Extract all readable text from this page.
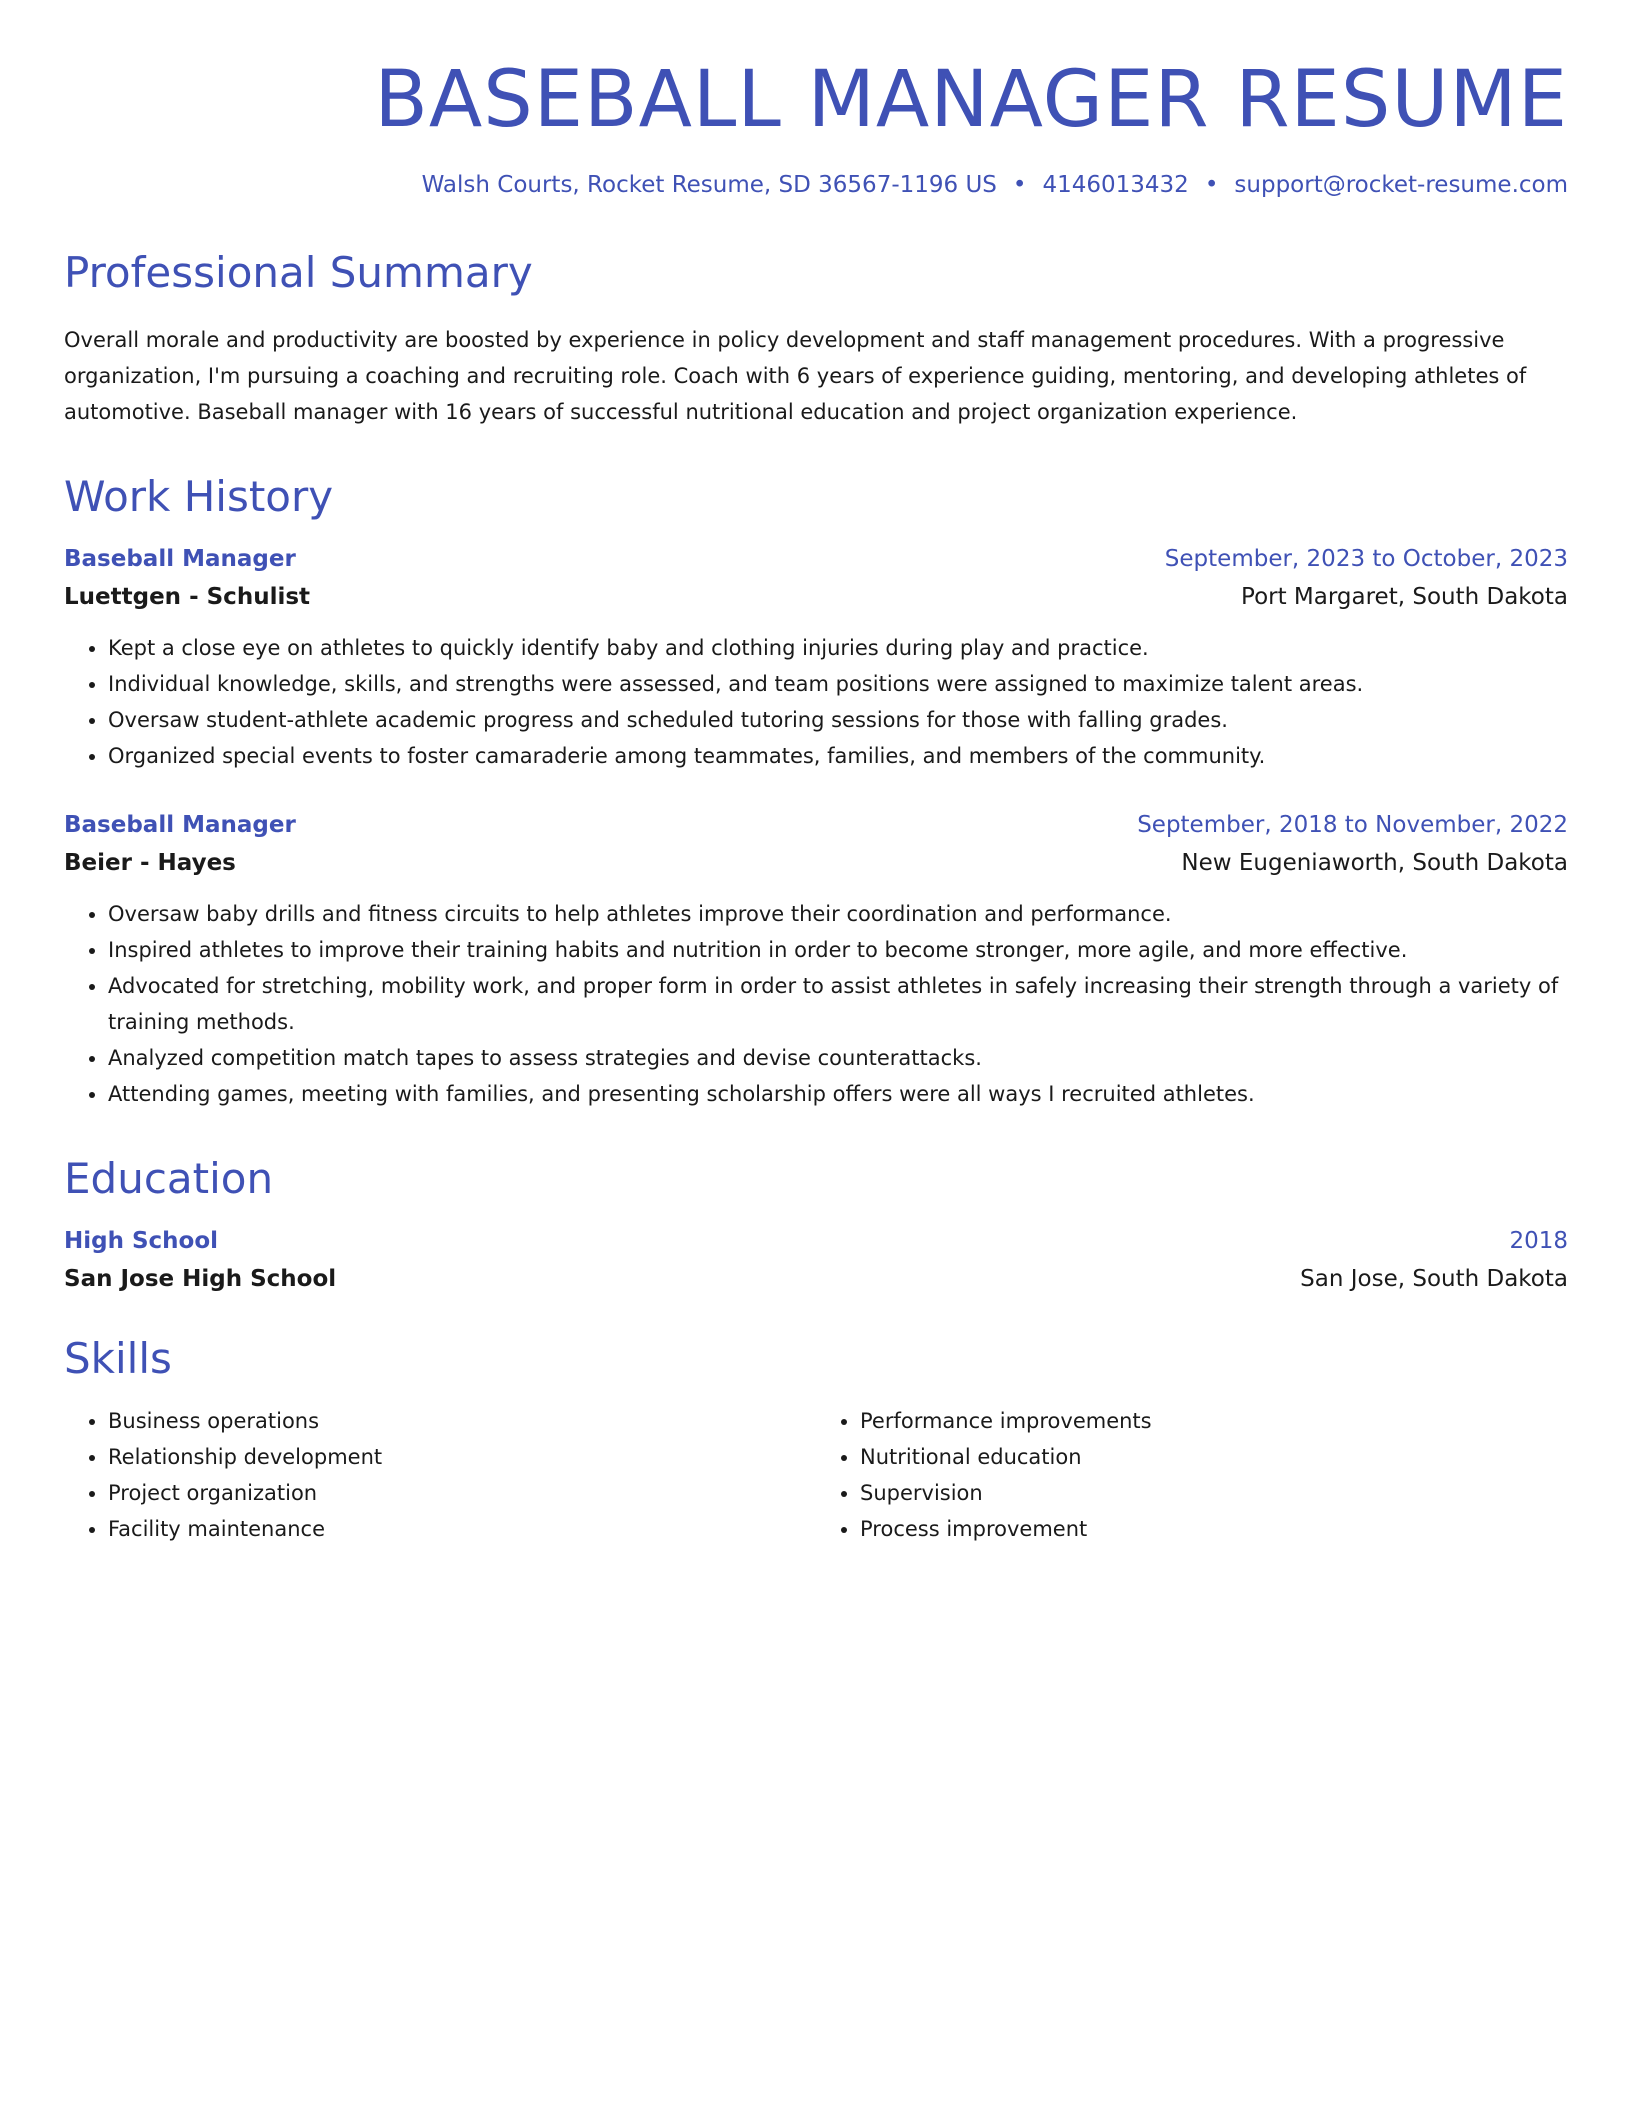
BASEBALL MANAGER RESUME
Walsh Courts, Rocket Resume, SD 36567-1196 US • 4146013432 • support@rocket-resume.com
Professional Summary

Overall morale and productivity are boosted by experience in policy development and staff management procedures. With a progressive organization, I'm pursuing a coaching and recruiting role. Coach with 6 years of experience guiding, mentoring, and developing athletes of automotive. Baseball manager with 16 years of successful nutritional education and project organization experience.

Work History
Baseball Manager	September, 2023 to October, 2023
Luettgen - Schulist	Port Margaret, South Dakota
• Kept a close eye on athletes to quickly identify baby and clothing injuries during play and practice.
• Individual knowledge, skills, and strengths were assessed, and team positions were assigned to maximize talent areas.
• Oversaw student-athlete academic progress and scheduled tutoring sessions for those with falling grades.
• Organized special events to foster camaraderie among teammates, families, and members of the community.
Baseball Manager	September, 2018 to November, 2022
Beier - Hayes	New Eugeniaworth, South Dakota
• Oversaw baby drills and fitness circuits to help athletes improve their coordination and performance.
• Inspired athletes to improve their training habits and nutrition in order to become stronger, more agile, and more effective.
• Advocated for stretching, mobility work, and proper form in order to assist athletes in safely increasing their strength through a variety of training methods.
• Analyzed competition match tapes to assess strategies and devise counterattacks.
• Attending games, meeting with families, and presenting scholarship offers were all ways I recruited athletes.
Education
High School	2018
San Jose High School	San Jose, South Dakota
Skills
• Business operations
• Relationship development
• Project organization
• Facility maintenance
• Performance improvements
• Nutritional education
• Supervision
• Process improvement
